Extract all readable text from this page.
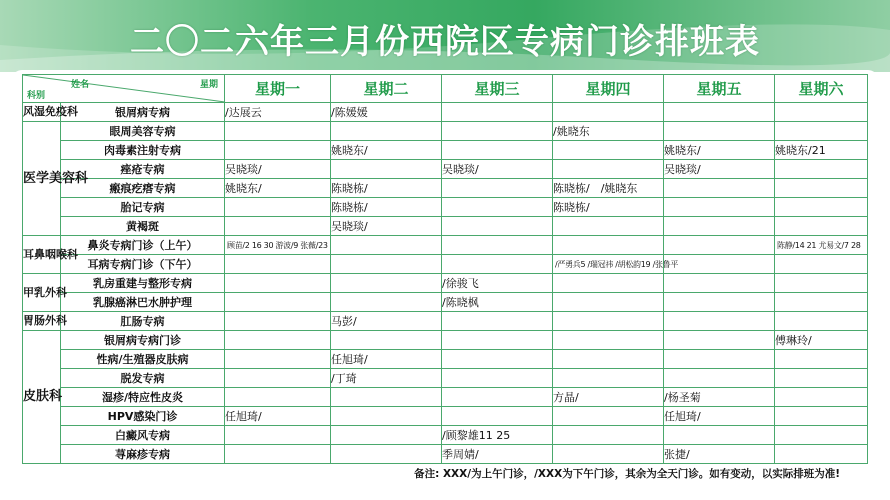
二〇二六年三月份西院区专病门诊排班表
姓名 星期
科别		星期一	星期二	星期三	星期四	星期五	星期六
风湿免疫科	银屑病专病	/达展云	/陈媛媛				
医学美容科	眼周美容专病				/姚晓东		
	肉毒素注射专病		姚晓东/			姚晓东/	姚晓东/21
	痤疮专病	吴晓琰/		吴晓琰/		吴晓琰/	
	瘢痕疙瘩专病	姚晓东/	陈晓栋/		陈晓栋/　/姚晓东		
	胎记专病		陈晓栋/		陈晓栋/		
	黄褐斑		吴晓琰/				
耳鼻咽喉科	鼻炎专病门诊（上午）	顾苗/2 16 30 游波/9 张薇/23					陈静/14 21 尤易文/7 28
	耳病专病门诊（下午）				/严勇兵5 /瑞冠祎 /胡松韵19 /张鲁平		
甲乳外科	乳房重建与整形专病			/徐骏飞			
	乳腺癌淋巴水肿护理			/陈晓枫			
胃肠外科	肛肠专病		马彭/				
皮肤科	银屑病专病门诊						傅琳玲/
	性病/生殖器皮肤病		任旭琦/				
	脱发专病		/丁琦				
	湿疹/特应性皮炎				方晶/	/杨圣菊	
	HPV感染门诊	任旭琦/				任旭琦/	
	白癜风专病			/顾黎雄11 25			
	荨麻疹专病			季周婧/		张捷/	
备注: XXX/为上午门诊，/XXX为下午门诊，其余为全天门诊。如有变动，以实际排班为准!
